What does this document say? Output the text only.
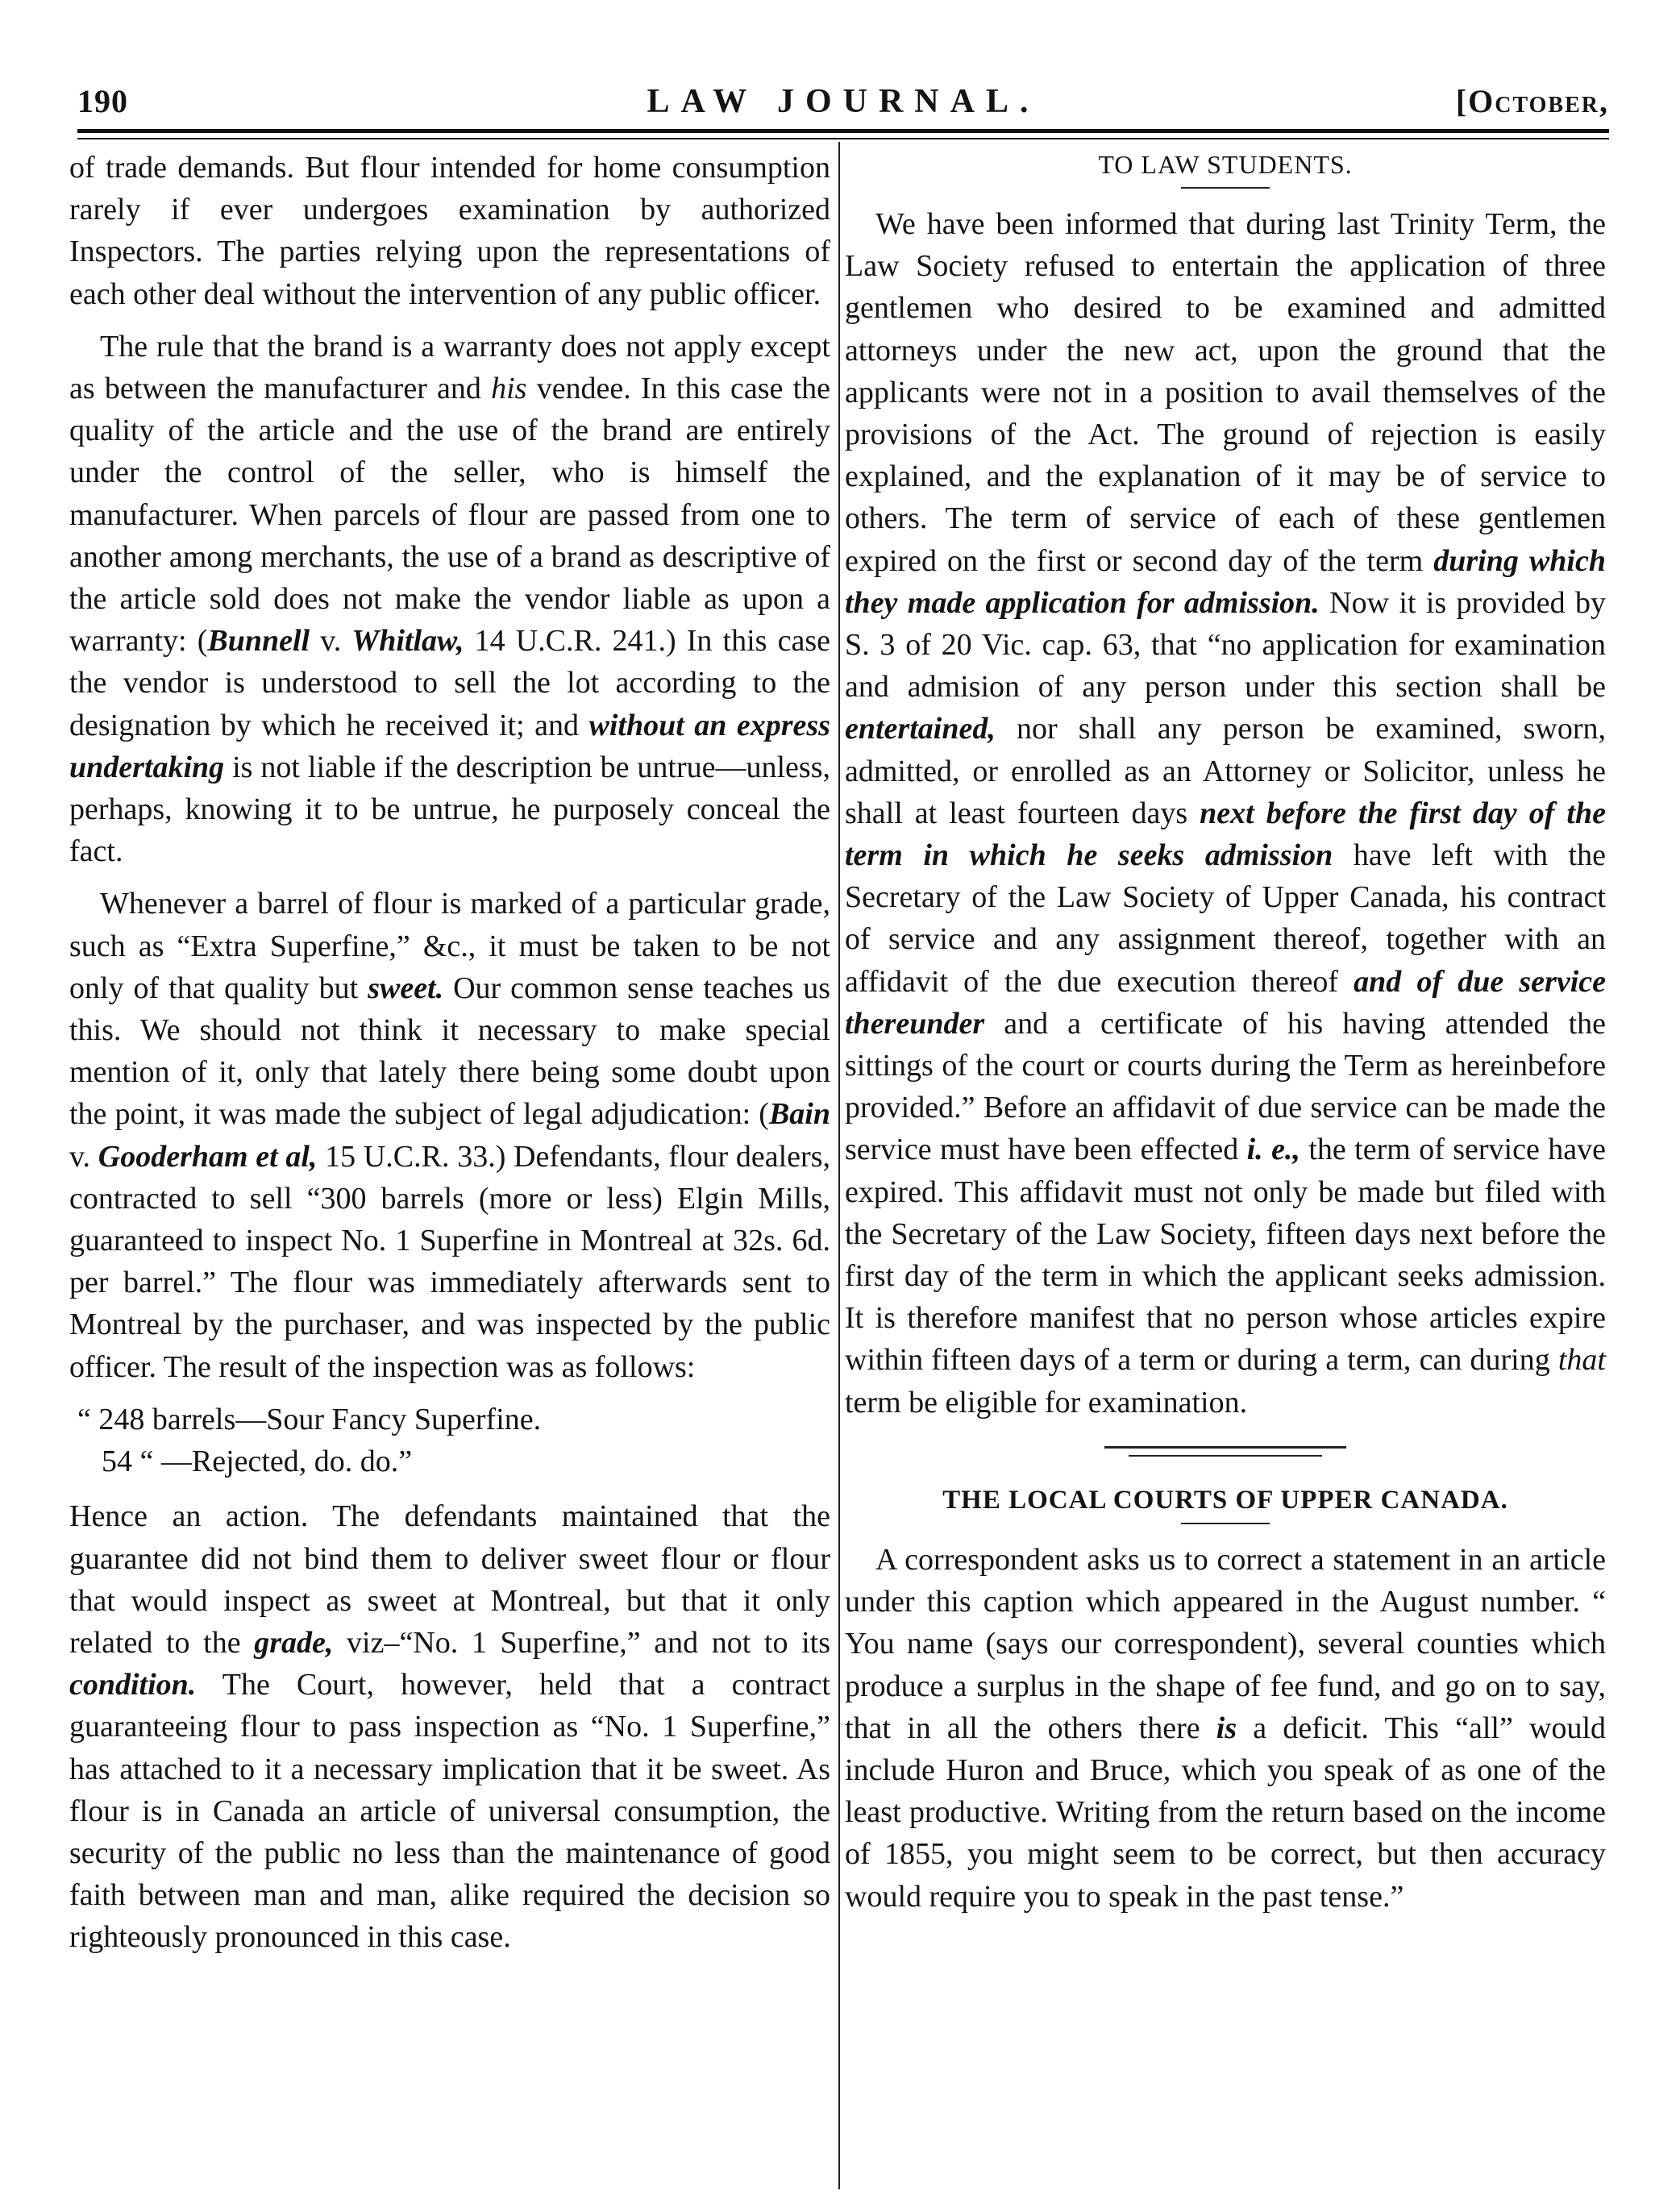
190	LAW JOURNAL.	[October,

of trade demands. But flour intended for home consumption rarely if ever undergoes examination by authorized Inspectors. The parties relying upon the representations of each other deal without the intervention of any public officer.

The rule that the brand is a warranty does not apply except as between the manufacturer and his vendee. In this case the quality of the article and the use of the brand are entirely under the control of the seller, who is himself the manufacturer. When parcels of flour are passed from one to another among merchants, the use of a brand as descriptive of the article sold does not make the vendor liable as upon a warranty: (Bunnell v. Whitlaw, 14 U.C.R. 241.) In this case the vendor is understood to sell the lot according to the designation by which he received it; and without an express undertaking is not liable if the description be untrue—unless, perhaps, knowing it to be untrue, he purposely conceal the fact.

Whenever a barrel of flour is marked of a particular grade, such as “Extra Superfine,” &c., it must be taken to be not only of that quality but sweet. Our common sense teaches us this. We should not think it necessary to make special mention of it, only that lately there being some doubt upon the point, it was made the subject of legal adjudication: (Bain v. Gooderham et al, 15 U.C.R. 33.) Defendants, flour dealers, contracted to sell “300 barrels (more or less) Elgin Mills, guaranteed to inspect No. 1 Superfine in Montreal at 32s. 6d. per barrel.” The flour was immediately afterwards sent to Montreal by the purchaser, and was inspected by the public officer. The result of the inspection was as follows:

“ 248 barrels—Sour Fancy Superfine.

54 “ —Rejected, do. do.”

Hence an action. The defendants maintained that the guarantee did not bind them to deliver sweet flour or flour that would inspect as sweet at Montreal, but that it only related to the grade, viz–“No. 1 Superfine,” and not to its condition. The Court, however, held that a contract guaranteeing flour to pass inspection as “No. 1 Superfine,” has attached to it a necessary implication that it be sweet. As flour is in Canada an article of universal consumption, the security of the public no less than the maintenance of good faith between man and man, alike required the decision so righteously pronounced in this case.

TO LAW STUDENTS.

We have been informed that during last Trinity Term, the Law Society refused to entertain the application of three gentlemen who desired to be examined and admitted attorneys under the new act, upon the ground that the applicants were not in a position to avail themselves of the provisions of the Act. The ground of rejection is easily explained, and the explanation of it may be of service to others. The term of service of each of these gentlemen expired on the first or second day of the term during which they made application for admission. Now it is provided by S. 3 of 20 Vic. cap. 63, that “no application for examination and admision of any person under this section shall be entertained, nor shall any person be examined, sworn, admitted, or enrolled as an Attorney or Solicitor, unless he shall at least fourteen days next before the first day of the term in which he seeks admission have left with the Secretary of the Law Society of Upper Canada, his contract of service and any assignment thereof, together with an affidavit of the due execution thereof and of due service thereunder and a certificate of his having attended the sittings of the court or courts during the Term as hereinbefore provided.” Before an affidavit of due service can be made the service must have been effected i. e., the term of service have expired. This affidavit must not only be made but filed with the Secretary of the Law Society, fifteen days next before the first day of the term in which the applicant seeks admission. It is therefore manifest that no person whose articles expire within fifteen days of a term or during a term, can during that term be eligible for examination.

THE LOCAL COURTS OF UPPER CANADA.

A correspondent asks us to correct a statement in an article under this caption which appeared in the August number. “ You name (says our correspondent), several counties which produce a surplus in the shape of fee fund, and go on to say, that in all the others there is a deficit. This “all” would include Huron and Bruce, which you speak of as one of the least productive. Writing from the return based on the income of 1855, you might seem to be correct, but then accuracy would require you to speak in the past tense.”
